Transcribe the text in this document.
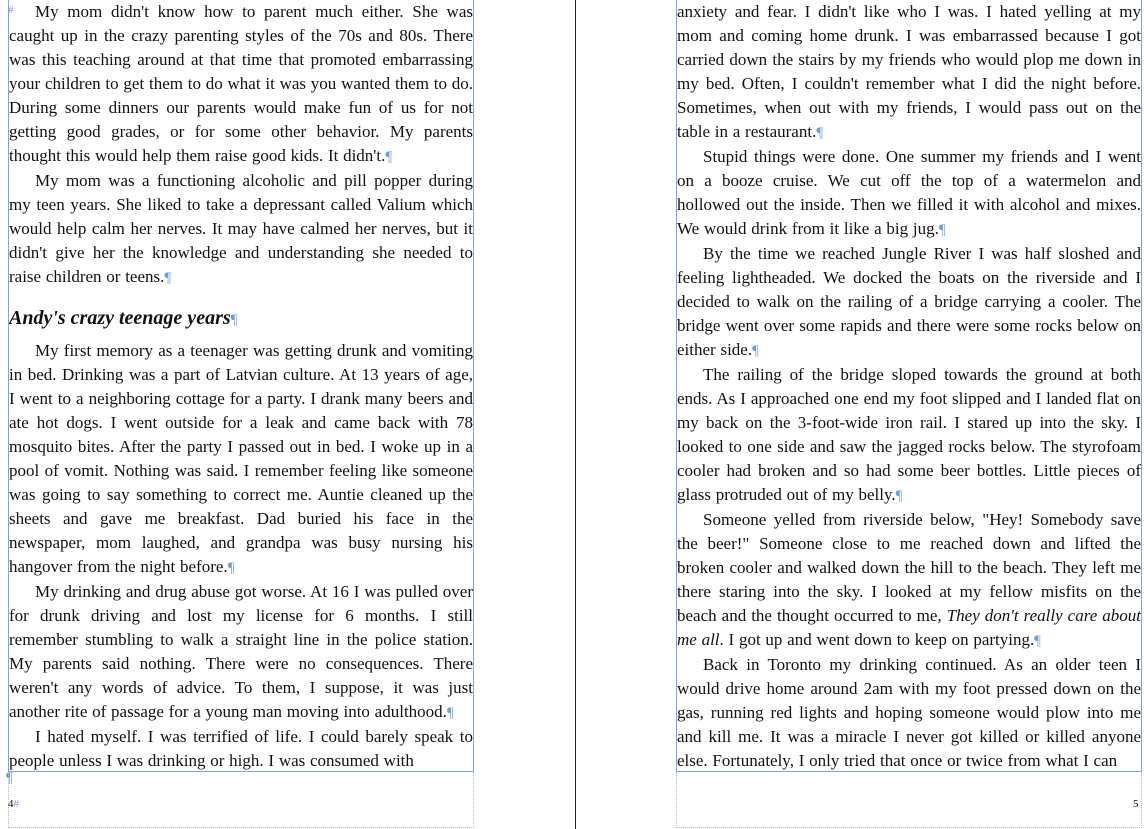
#	My mom didn't know how to parent much either. She was caught up in the crazy parenting styles of the 70s and 80s. There was this teaching around at that time that promoted embarrassing your children to get them to do what it was you wanted them to do. During some dinners our parents would make fun of us for not getting good grades, or for some other behavior. My parents thought this would help them raise good kids. It didn't.¶

My mom was a functioning alcoholic and pill popper during my teen years. She liked to take a depressant called Valium which would help calm her nerves. It may have calmed her nerves, but it didn't give her the knowledge and understanding she needed to raise children or teens.¶

Andy's crazy teenage years¶

My first memory as a teenager was getting drunk and vomiting in bed. Drinking was a part of Latvian culture. At 13 years of age, I went to a neighboring cottage for a party. I drank many beers and ate hot dogs. I went outside for a leak and came back with 78 mosquito bites. After the party I passed out in bed. I woke up in a pool of vomit. Nothing was said. I remember feeling like someone was going to say something to correct me. Auntie cleaned up the sheets and gave me breakfast. Dad buried his face in the newspaper, mom laughed, and grandpa was busy nursing his hangover from the night before.¶

My drinking and drug abuse got worse. At 16 I was pulled over for drunk driving and lost my license for 6 months. I still remember stumbling to walk a straight line in the police station. My parents said nothing. There were no consequences. There weren't any words of advice. To them, I suppose, it was just another rite of passage for a young man moving into adulthood.¶

I hated myself. I was terrified of life. I could barely speak to people unless I was drinking or high. I was consumed with

¶
4#

anxiety and fear. I didn't like who I was. I hated yelling at my mom and coming home drunk. I was embarrassed because I got carried down the stairs by my friends who would plop me down in my bed. Often, I couldn't remember what I did the night before. Sometimes, when out with my friends, I would pass out on the table in a restaurant.¶

Stupid things were done. One summer my friends and I went on a booze cruise. We cut off the top of a watermelon and hollowed out the inside. Then we filled it with alcohol and mixes. We would drink from it like a big jug.¶

By the time we reached Jungle River I was half sloshed and feeling lightheaded. We docked the boats on the riverside and I decided to walk on the railing of a bridge carrying a cooler. The bridge went over some rapids and there were some rocks below on either side.¶

The railing of the bridge sloped towards the ground at both ends. As I approached one end my foot slipped and I landed flat on my back on the 3-foot-wide iron rail. I stared up into the sky. I looked to one side and saw the jagged rocks below. The styrofoam cooler had broken and so had some beer bottles. Little pieces of glass protruded out of my belly.¶

Someone yelled from riverside below, "Hey! Somebody save the beer!" Someone close to me reached down and lifted the broken cooler and walked down the hill to the beach. They left me there staring into the sky. I looked at my fellow misfits on the beach and the thought occurred to me, They don't really care about me all. I got up and went down to keep on partying.¶

Back in Toronto my drinking continued. As an older teen I would drive home around 2am with my foot pressed down on the gas, running red lights and hoping someone would plow into me and kill me. It was a miracle I never got killed or killed anyone else. Fortunately, I only tried that once or twice from what I can

5
